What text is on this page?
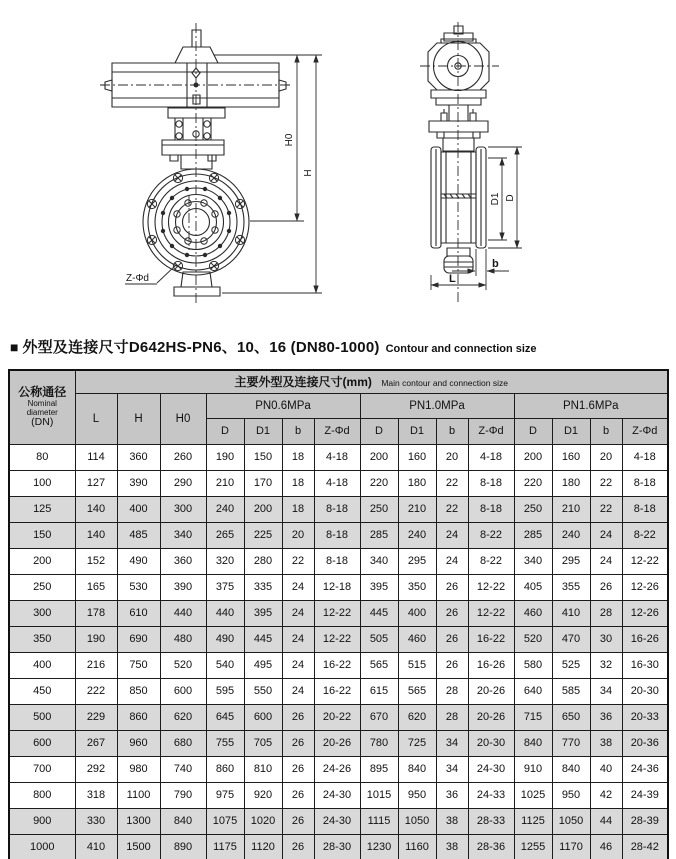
Z-Φd
H0
H
D1 D
b
L
■ 外型及连接尺寸D642HS-PN6、10、16 (DN80-1000) Contour and connection size
公称通径
Nominal diameter
(DN)	主要外型及连接尺寸(mm) Main contour and connection size														
	L	H	H0	PN0.6MPa				PN1.0MPa				PN1.6MPa			
				D	D1	b	Z-Φd	D	D1	b	Z-Φd	D	D1	b	Z-Φd
80	114	360	260	190	150	18	4-18	200	160	20	4-18	200	160	20	4-18
100	127	390	290	210	170	18	4-18	220	180	22	8-18	220	180	22	8-18
125	140	400	300	240	200	18	8-18	250	210	22	8-18	250	210	22	8-18
150	140	485	340	265	225	20	8-18	285	240	24	8-22	285	240	24	8-22
200	152	490	360	320	280	22	8-18	340	295	24	8-22	340	295	24	12-22
250	165	530	390	375	335	24	12-18	395	350	26	12-22	405	355	26	12-26
300	178	610	440	440	395	24	12-22	445	400	26	12-22	460	410	28	12-26
350	190	690	480	490	445	24	12-22	505	460	26	16-22	520	470	30	16-26
400	216	750	520	540	495	24	16-22	565	515	26	16-26	580	525	32	16-30
450	222	850	600	595	550	24	16-22	615	565	28	20-26	640	585	34	20-30
500	229	860	620	645	600	26	20-22	670	620	28	20-26	715	650	36	20-33
600	267	960	680	755	705	26	20-26	780	725	34	20-30	840	770	38	20-36
700	292	980	740	860	810	26	24-26	895	840	34	24-30	910	840	40	24-36
800	318	1100	790	975	920	26	24-30	1015	950	36	24-33	1025	950	42	24-39
900	330	1300	840	1075	1020	26	24-30	1115	1050	38	28-33	1125	1050	44	28-39
1000	410	1500	890	1175	1120	26	28-30	1230	1160	38	28-36	1255	1170	46	28-42
